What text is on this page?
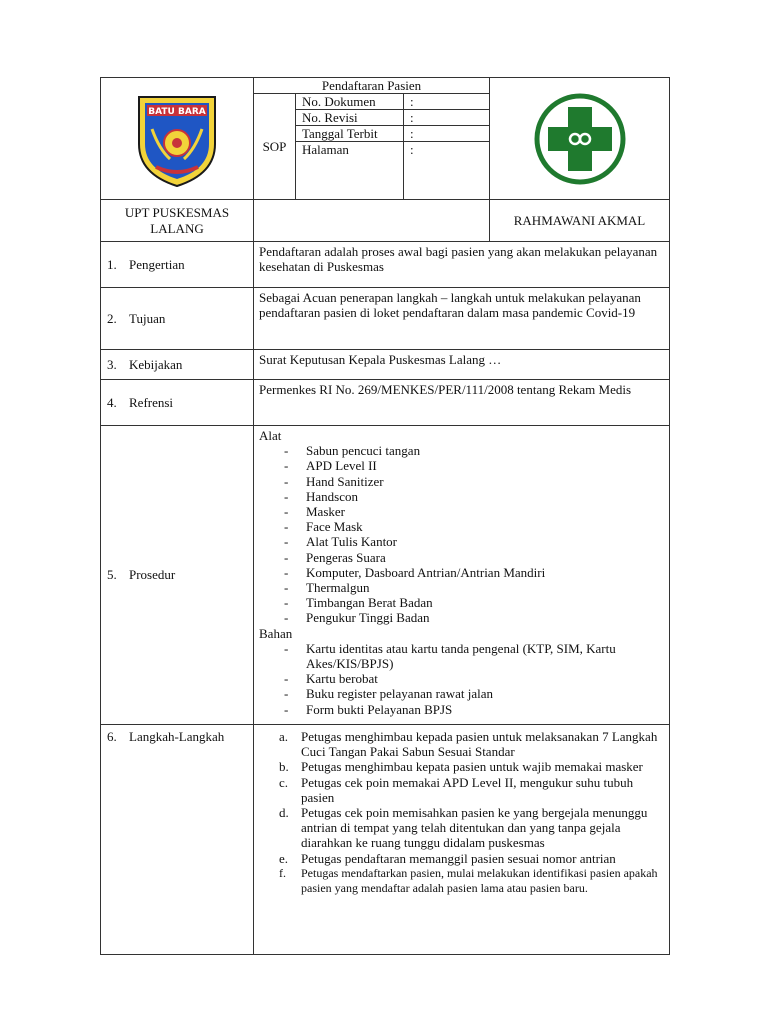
BATU BARA
Pendaftaran Pasien
SOP
No. Dokumen
No. Revisi
Tanggal Terbit
Halaman
:
:
:
:
UPT PUSKESMAS LALANG
RAHMAWANI AKMAL
1. Pengertian
Pendaftaran adalah proses awal bagi pasien yang akan melakukan pelayanan kesehatan di Puskesmas
2. Tujuan
Sebagai Acuan penerapan langkah – langkah untuk melakukan pelayanan pendaftaran pasien di loket pendaftaran dalam masa pandemic Covid-19
3. Kebijakan	Surat Keputusan Kepala Puskesmas Lalang …
4. Refrensi
Permenkes RI No. 269/MENKES/PER/111/2008 tentang Rekam Medis
5. Prosedur
Alat
- Sabun pencuci tangan
- APD Level II
- Hand Sanitizer
- Handscon
- Masker
- Face Mask
- Alat Tulis Kantor
- Pengeras Suara
- Komputer, Dasboard Antrian/Antrian Mandiri
- Thermalgun
- Timbangan Berat Badan
- Pengukur Tinggi Badan
Bahan
- Kartu identitas atau kartu tanda pengenal (KTP, SIM, Kartu Akes/KIS/BPJS)
- Kartu berobat
- Buku register pelayanan rawat jalan
- Form bukti Pelayanan BPJS
6. Langkah-Langkah	a. Petugas menghimbau kepada pasien untuk melaksanakan 7 Langkah Cuci Tangan Pakai Sabun Sesuai Standar
b. Petugas menghimbau kepata pasien untuk wajib memakai masker
c. Petugas cek poin memakai APD Level II, mengukur suhu tubuh pasien
d. Petugas cek poin memisahkan pasien ke yang bergejala menunggu antrian di tempat yang telah ditentukan dan yang tanpa gejala diarahkan ke ruang tunggu didalam puskesmas
e. Petugas pendaftaran memanggil pasien sesuai nomor antrian
f. Petugas mendaftarkan pasien, mulai melakukan identifikasi pasien apakah pasien yang mendaftar adalah pasien lama atau pasien baru.
